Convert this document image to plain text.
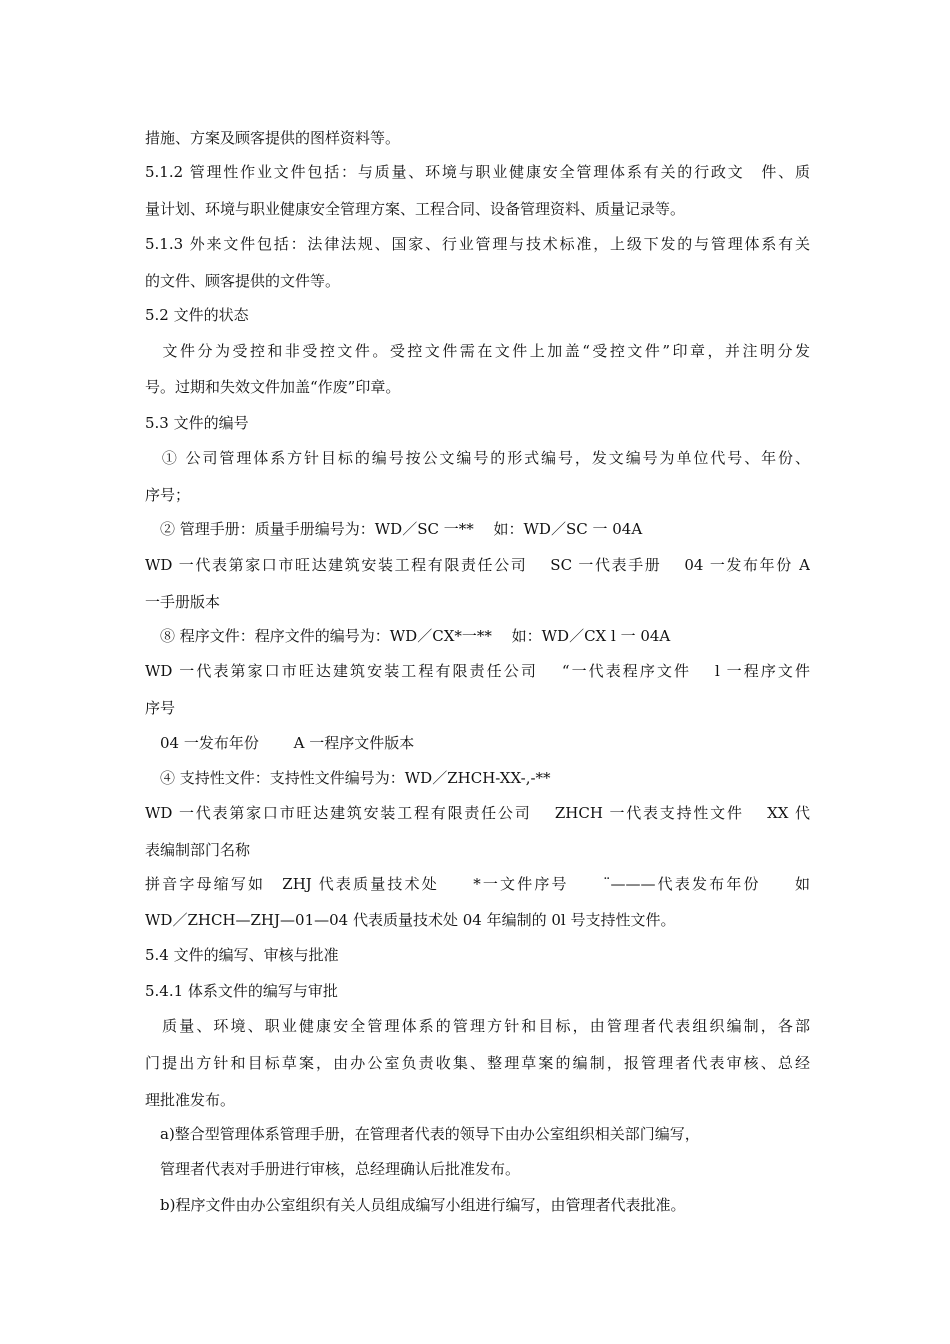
措施、方案及顾客提供的图样资料等。
5.1.2 管理性作业文件包括：与质量、环境与职业健康安全管理体系有关的行政文　件、质
量计划、环境与职业健康安全管理方案、工程合同、设备管理资料、质量记录等。
5.1.3 外来文件包括：法律法规、国家、行业管理与技术标准，上级下发的与管理体系有关
的文件、顾客提供的文件等。
5.2 文件的状态
　文件分为受控和非受控文件。受控文件需在文件上加盖“受控文件”印章，并注明分发
号。过期和失效文件加盖“作废”印章。
5.3 文件的编号
　① 公司管理体系方针目标的编号按公文编号的形式编号，发文编号为单位代号、年份、
序号；
　② 管理手册：质量手册编号为：WD／SC 一**　 如：WD／SC 一 04A
WD 一代表第家口市旺达建筑安装工程有限责任公司　 SC 一代表手册　 04 一发布年份 A
一手册版本
　⑧ 程序文件：程序文件的编号为：WD／CX*一**　 如：WD／CX l 一 04A
WD 一代表第家口市旺达建筑安装工程有限责任公司　 “一代表程序文件　 l 一程序文件
序号
　04 一发布年份　　 A 一程序文件版本
　④ 支持性文件：支持性文件编号为：WD／ZHCH-XX-,-**
WD 一代表第家口市旺达建筑安装工程有限责任公司　 ZHCH 一代表支持性文件　 XX 代
表编制部门名称
拼音字母缩写如　ZHJ 代表质量技术处　　*一文件序号　　¨———代表发布年份　　如
WD／ZHCH—ZHJ—01—04 代表质量技术处 04 年编制的 0l 号支持性文件。
5.4 文件的编写、审核与批准
5.4.1 体系文件的编写与审批
　质量、环境、职业健康安全管理体系的管理方针和目标，由管理者代表组织编制，各部
门提出方针和目标草案，由办公室负责收集、整理草案的编制，报管理者代表审核、总经
理批准发布。
　a)整合型管理体系管理手册，在管理者代表的领导下由办公室组织相关部门编写，
　管理者代表对手册进行审核，总经理确认后批准发布。
　b)程序文件由办公室组织有关人员组成编写小组进行编写，由管理者代表批准。
